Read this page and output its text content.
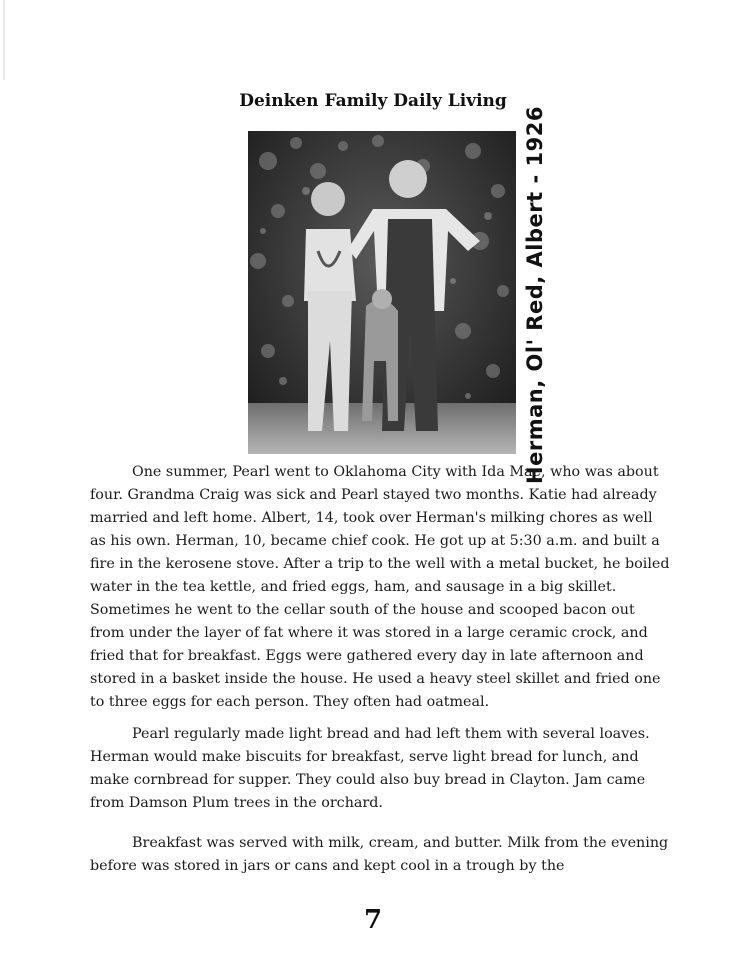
Deinken Family Daily Living
Herman, Ol' Red, Albert - 1926

One summer, Pearl went to Oklahoma City with Ida Mae, who was about four. Grandma Craig was sick and Pearl stayed two months. Katie had already married and left home. Albert, 14, took over Herman's milking chores as well as his own. Herman, 10, became chief cook. He got up at 5:30 a.m. and built a fire in the kerosene stove. After a trip to the well with a metal bucket, he boiled water in the tea kettle, and fried eggs, ham, and sausage in a big skillet. Sometimes he went to the cellar south of the house and scooped bacon out from under the layer of fat where it was stored in a large ceramic crock, and fried that for breakfast. Eggs were gathered every day in late afternoon and stored in a basket inside the house. He used a heavy steel skillet and fried one to three eggs for each person. They often had oatmeal.

Pearl regularly made light bread and had left them with several loaves. Herman would make biscuits for breakfast, serve light bread for lunch, and make cornbread for supper. They could also buy bread in Clayton. Jam came from Damson Plum trees in the orchard.

Breakfast was served with milk, cream, and butter. Milk from the evening before was stored in jars or cans and kept cool in a trough by the

7
